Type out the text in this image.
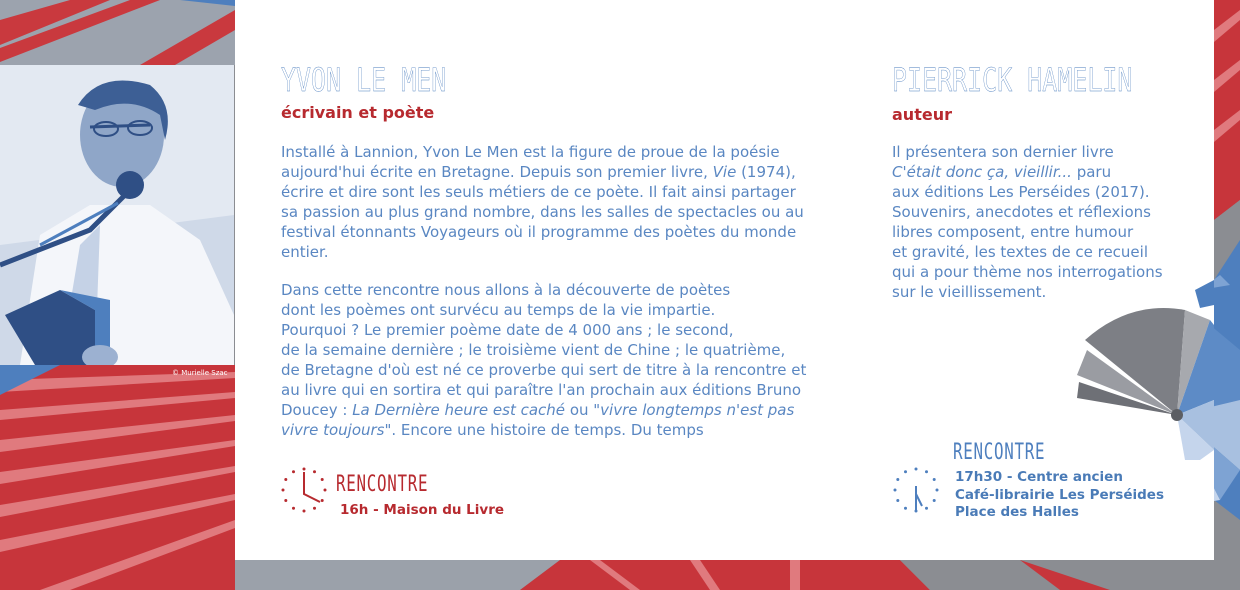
© Murielle Szac
YVON LE MEN
écrivain et poète

Installé à Lannion, Yvon Le Men est la figure de proue de la poésie
aujourd'hui écrite en Bretagne. Depuis son premier livre, Vie (1974),
écrire et dire sont les seuls métiers de ce poète. Il fait ainsi partager
sa passion au plus grand nombre, dans les salles de spectacles ou au
festival étonnants Voyageurs où il programme des poètes du monde
entier.

Dans cette rencontre nous allons à la découverte de poètes
dont les poèmes ont survécu au temps de la vie impartie.
Pourquoi ? Le premier poème date de 4 000 ans ; le second,
de la semaine dernière ; le troisième vient de Chine ; le quatrième,
de Bretagne d'où est né ce proverbe qui sert de titre à la rencontre et
au livre qui en sortira et qui paraître l'an prochain aux éditions Bruno
Doucey : La Dernière heure est caché ou "vivre longtemps n'est pas
vivre toujours". Encore une histoire de temps. Du temps

RENCONTRE
16h - Maison du Livre
PIERRICK HAMELIN
auteur

Il présentera son dernier livre
C'était donc ça, vieillir... paru
aux éditions Les Perséides (2017).
Souvenirs, anecdotes et réflexions
libres composent, entre humour
et gravité, les textes de ce recueil
qui a pour thème nos interrogations
sur le vieillissement.

RENCONTRE
17h30 - Centre ancien
Café-librairie Les Perséides
Place des Halles
